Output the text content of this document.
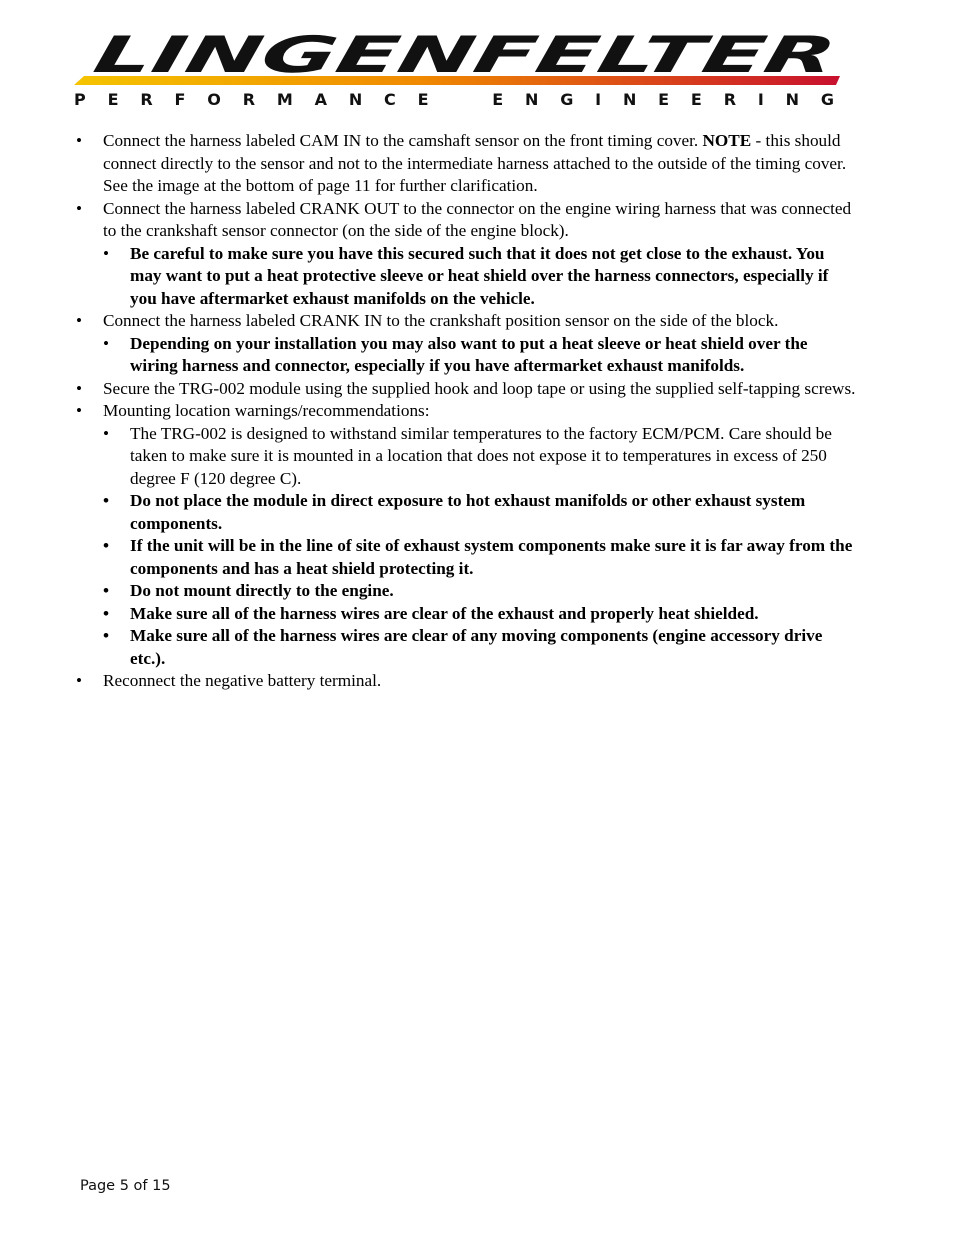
LINGENFELTER
P E R F O R M A N C E	E N G I N E E R I N G
•	Connect the harness labeled CAM IN to the camshaft sensor on the front timing cover. NOTE - this should connect directly to the sensor and not to the intermediate harness attached to the outside of the timing cover. See the image at the bottom of page 11 for further clarification.
•	Connect the harness labeled CRANK OUT to the connector on the engine wiring harness that was connected to the crankshaft sensor connector (on the side of the engine block).
•	Be careful to make sure you have this secured such that it does not get close to the exhaust. You may want to put a heat protective sleeve or heat shield over the harness connectors, especially if you have aftermarket exhaust manifolds on the vehicle.
•	Connect the harness labeled CRANK IN to the crankshaft position sensor on the side of the block.
•	Depending on your installation you may also want to put a heat sleeve or heat shield over the wiring harness and connector, especially if you have aftermarket exhaust manifolds.
•	Secure the TRG-002 module using the supplied hook and loop tape or using the supplied self-tapping screws.
•	Mounting location warnings/recommendations:
•	The TRG-002 is designed to withstand similar temperatures to the factory ECM/PCM. Care should be taken to make sure it is mounted in a location that does not expose it to temperatures in excess of 250 degree F (120 degree C).
•	Do not place the module in direct exposure to hot exhaust manifolds or other exhaust system components.
•	If the unit will be in the line of site of exhaust system components make sure it is far away from the components and has a heat shield protecting it.
•	Do not mount directly to the engine.
•	Make sure all of the harness wires are clear of the exhaust and properly heat shielded.
•	Make sure all of the harness wires are clear of any moving components (engine accessory drive etc.).
•	Reconnect the negative battery terminal.
Page 5 of 15
